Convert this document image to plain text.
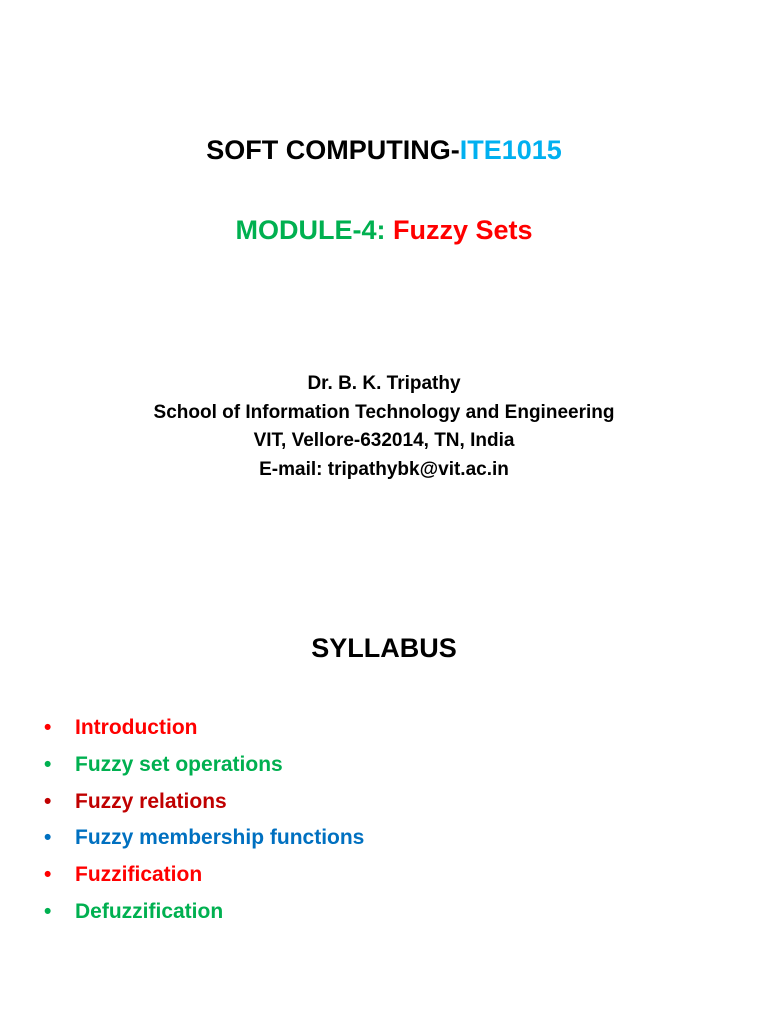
SOFT COMPUTING-ITE1015
MODULE-4: Fuzzy Sets
Dr. B. K. Tripathy
School of Information Technology and Engineering
VIT, Vellore-632014, TN, India
E-mail: tripathybk@vit.ac.in
SYLLABUS
• Introduction
• Fuzzy set operations
• Fuzzy relations
• Fuzzy membership functions
• Fuzzification
• Defuzzification
